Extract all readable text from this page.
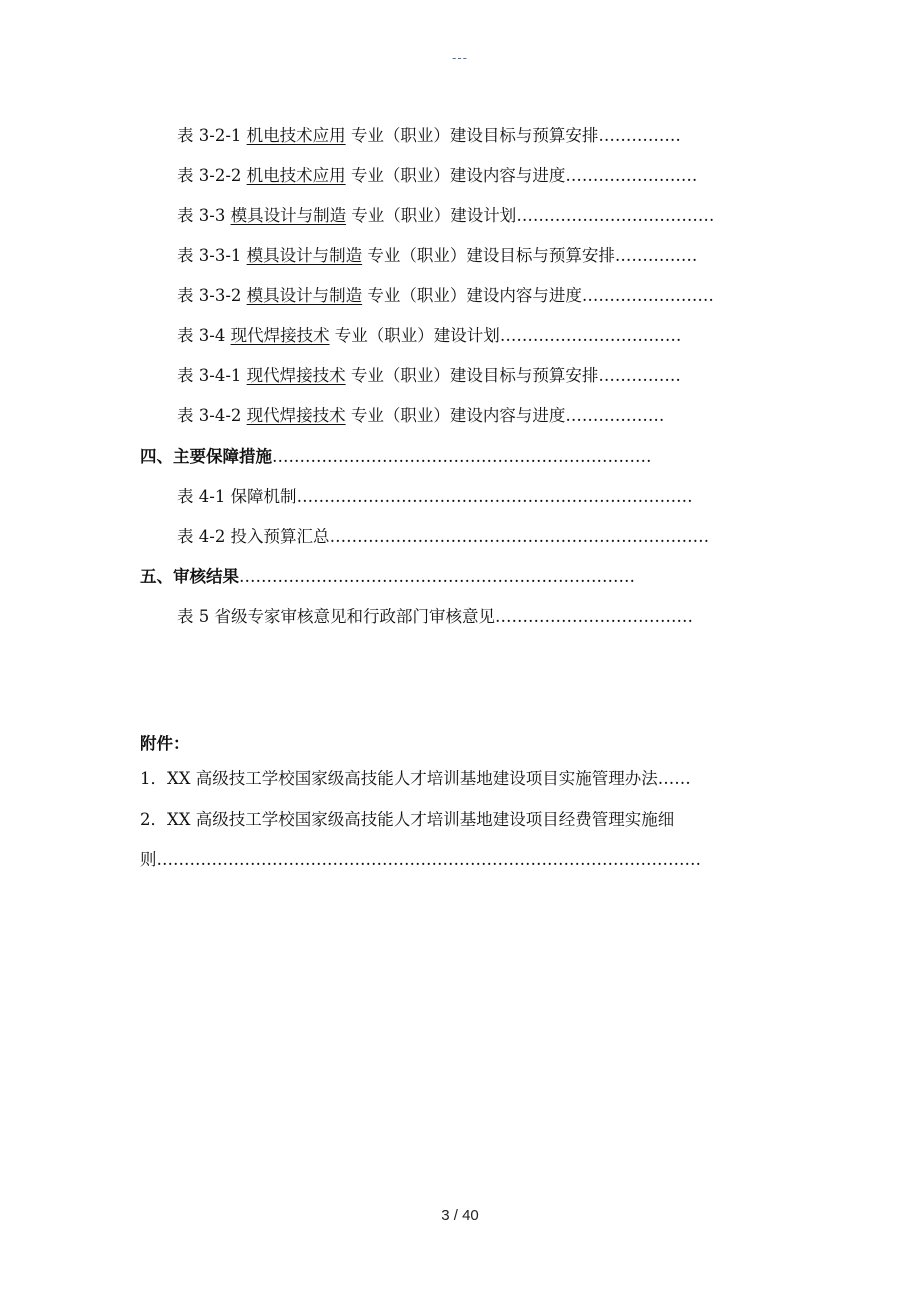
---
表 3-2-1 机电技术应用 专业（职业）建设目标与预算安排……………
表 3-2-2 机电技术应用 专业（职业）建设内容与进度……………………
表 3-3 模具设计与制造 专业（职业）建设计划………………………………
表 3-3-1 模具设计与制造 专业（职业）建设目标与预算安排……………
表 3-3-2 模具设计与制造 专业（职业）建设内容与进度……………………
表 3-4 现代焊接技术 专业（职业）建设计划……………………………
表 3-4-1 现代焊接技术 专业（职业）建设目标与预算安排……………
表 3-4-2 现代焊接技术 专业（职业）建设内容与进度………………
四、主要保障措施……………………………………………………………
表 4-1 保障机制………………………………………………………………
表 4-2 投入预算汇总……………………………………………………………
五、审核结果………………………………………………………………
表 5 省级专家审核意见和行政部门审核意见………………………………
附件：
1．XX 高级技工学校国家级高技能人才培训基地建设项目实施管理办法……
2．XX 高级技工学校国家级高技能人才培训基地建设项目经费管理实施细
则………………………………………………………………………………………
3 / 40
